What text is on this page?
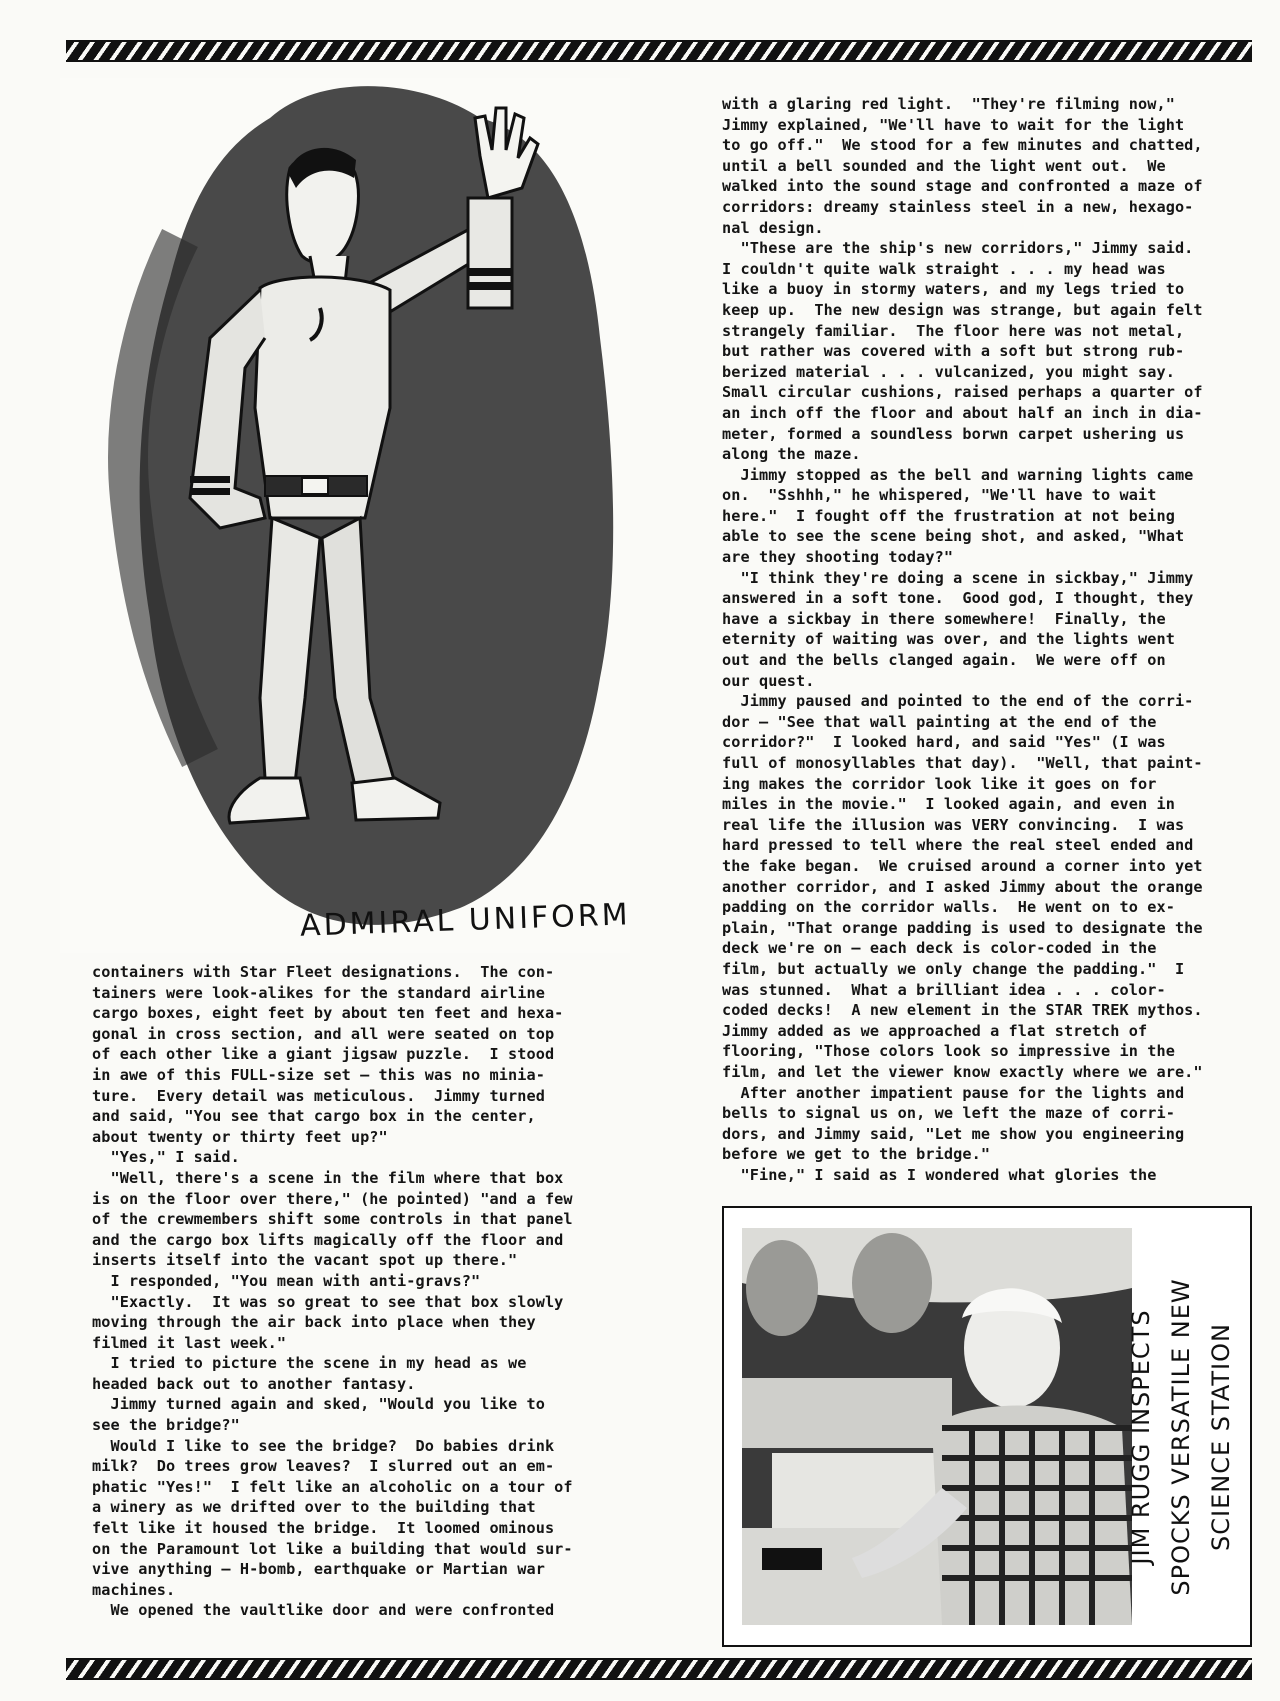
ADMIRAL UNIFORM
containers with Star Fleet designations.  The con-
tainers were look-alikes for the standard airline
cargo boxes, eight feet by about ten feet and hexa-
gonal in cross section, and all were seated on top
of each other like a giant jigsaw puzzle.  I stood
in awe of this FULL-size set — this was no minia-
ture.  Every detail was meticulous.  Jimmy turned
and said, "You see that cargo box in the center,
about twenty or thirty feet up?"
"Yes," I said.
"Well, there's a scene in the film where that box
is on the floor over there," (he pointed) "and a few
of the crewmembers shift some controls in that panel
and the cargo box lifts magically off the floor and
inserts itself into the vacant spot up there."
I responded, "You mean with anti-gravs?"
"Exactly.  It was so great to see that box slowly
moving through the air back into place when they
filmed it last week."
I tried to picture the scene in my head as we
headed back out to another fantasy.
Jimmy turned again and sked, "Would you like to
see the bridge?"
Would I like to see the bridge?  Do babies drink
milk?  Do trees grow leaves?  I slurred out an em-
phatic "Yes!"  I felt like an alcoholic on a tour of
a winery as we drifted over to the building that
felt like it housed the bridge.  It loomed ominous
on the Paramount lot like a building that would sur-
vive anything — H-bomb, earthquake or Martian war
machines.
We opened the vaultlike door and were confronted
with a glaring red light.  "They're filming now,"
Jimmy explained, "We'll have to wait for the light
to go off."  We stood for a few minutes and chatted,
until a bell sounded and the light went out.  We
walked into the sound stage and confronted a maze of
corridors: dreamy stainless steel in a new, hexago-
nal design.
"These are the ship's new corridors," Jimmy said.
I couldn't quite walk straight . . . my head was
like a buoy in stormy waters, and my legs tried to
keep up.  The new design was strange, but again felt
strangely familiar.  The floor here was not metal,
but rather was covered with a soft but strong rub-
berized material . . . vulcanized, you might say.
Small circular cushions, raised perhaps a quarter of
an inch off the floor and about half an inch in dia-
meter, formed a soundless borwn carpet ushering us
along the maze.
Jimmy stopped as the bell and warning lights came
on.  "Sshhh," he whispered, "We'll have to wait
here."  I fought off the frustration at not being
able to see the scene being shot, and asked, "What
are they shooting today?"
"I think they're doing a scene in sickbay," Jimmy
answered in a soft tone.  Good god, I thought, they
have a sickbay in there somewhere!  Finally, the
eternity of waiting was over, and the lights went
out and the bells clanged again.  We were off on
our quest.
Jimmy paused and pointed to the end of the corri-
dor — "See that wall painting at the end of the
corridor?"  I looked hard, and said "Yes" (I was
full of monosyllables that day).  "Well, that paint-
ing makes the corridor look like it goes on for
miles in the movie."  I looked again, and even in
real life the illusion was VERY convincing.  I was
hard pressed to tell where the real steel ended and
the fake began.  We cruised around a corner into yet
another corridor, and I asked Jimmy about the orange
padding on the corridor walls.  He went on to ex-
plain, "That orange padding is used to designate the
deck we're on — each deck is color-coded in the
film, but actually we only change the padding."  I
was stunned.  What a brilliant idea . . . color-
coded decks!  A new element in the STAR TREK mythos.
Jimmy added as we approached a flat stretch of
flooring, "Those colors look so impressive in the
film, and let the viewer know exactly where we are."
After another impatient pause for the lights and
bells to signal us on, we left the maze of corri-
dors, and Jimmy said, "Let me show you engineering
before we get to the bridge."
"Fine," I said as I wondered what glories the
JIM RUGG INSPECTS SPOCKS VERSATILE NEW SCIENCE STATION
